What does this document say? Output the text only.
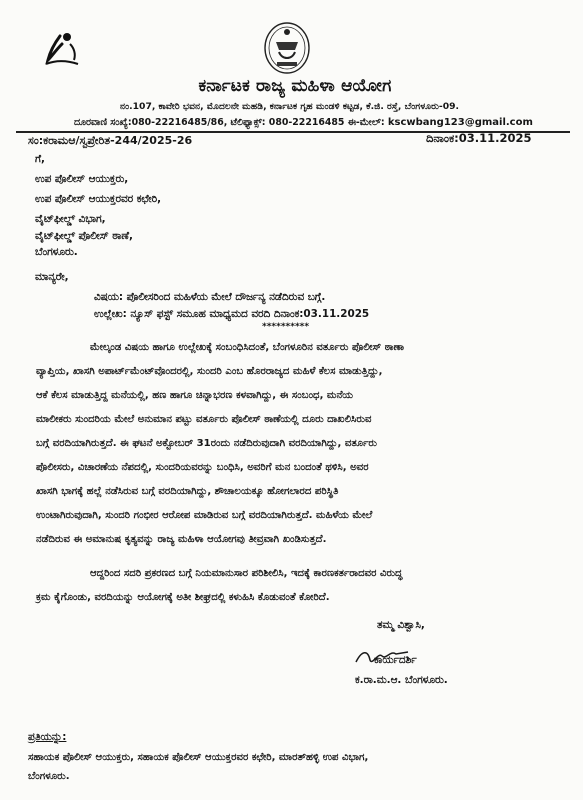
ಕರ್ನಾಟಕ ರಾಜ್ಯ ಮಹಿಳಾ ಆಯೋಗ
ನಂ.107, ಕಾವೇರಿ ಭವನ, ಮೊದಲನೇ ಮಹಡಿ, ಕರ್ನಾಟಕ ಗೃಹ ಮಂಡಳಿ ಕಟ್ಟಡ, ಕೆ.ಜಿ. ರಸ್ತೆ, ಬೆಂಗಳೂರು-09.
ದೂರವಾಣಿ ಸಂಖ್ಯೆ:080-22216485/86, ಟೆಲಿಫ್ಯಾಕ್ಸ್: 080-22216485 ಈ-ಮೇಲ್: kscwbang123@gmail.com
ಸಂ:ಕರಾಮಆ/ಸ್ವಪ್ರೇರಿತ-244/2025-26	ದಿನಾಂಕ:03.11.2025
ಗೆ,
ಉಪ ಪೊಲೀಸ್ ಆಯುಕ್ತರು,
ಉಪ ಪೊಲೀಸ್ ಆಯುಕ್ತರವರ ಕಛೇರಿ,
ವೈಟ್‌ಫೀಲ್ಡ್ ವಿಭಾಗ,
ವೈಟ್‌ಫೀಲ್ಡ್ ಪೊಲೀಸ್ ಠಾಣೆ,
ಬೆಂಗಳೂರು.
ಮಾನ್ಯರೇ,
ವಿಷಯ: ಪೊಲೀಸರಿಂದ ಮಹಿಳೆಯ ಮೇಲೆ ದೌರ್ಜನ್ಯ ನಡೆದಿರುವ ಬಗ್ಗೆ.
ಉಲ್ಲೇಖ: ನ್ಯೂಸ್ ಫಸ್ಟ್ ಸಮೂಹ ಮಾಧ್ಯಮದ ವರದಿ ದಿನಾಂಕ:03.11.2025
**********
ಮೇಲ್ಕಂಡ ವಿಷಯ ಹಾಗೂ ಉಲ್ಲೇಖಕ್ಕೆ ಸಂಬಂಧಿಸಿದಂತೆ, ಬೆಂಗಳೂರಿನ ವರ್ತೂರು ಪೊಲೀಸ್ ಠಾಣಾ
ವ್ಯಾಪ್ತಿಯ, ಖಾಸಗಿ ಅಪಾರ್ಟ್‌ಮೆಂಟ್‌ವೊಂದರಲ್ಲಿ, ಸುಂದರಿ ಎಂಬ ಹೊರರಾಜ್ಯದ ಮಹಿಳೆ ಕೆಲಸ ಮಾಡುತ್ತಿದ್ದು,
ಆಕೆ ಕೆಲಸ ಮಾಡುತ್ತಿದ್ದ ಮನೆಯಲ್ಲಿ, ಹಣ ಹಾಗೂ ಚಿನ್ನಾಭರಣ ಕಳವಾಗಿದ್ದು, ಈ ಸಂಬಂಧ, ಮನೆಯ
ಮಾಲೀಕರು ಸುಂದರಿಯ ಮೇಲೆ ಅನುಮಾನ ಪಟ್ಟು ವರ್ತೂರು ಪೊಲೀಸ್ ಠಾಣೆಯಲ್ಲಿ ದೂರು ದಾಖಲಿಸಿರುವ
ಬಗ್ಗೆ ವರದಿಯಾಗಿರುತ್ತದೆ. ಈ ಘಟನೆ ಅಕ್ಟೋಬರ್ 31ರಂದು ನಡೆದಿರುವುದಾಗಿ ವರದಿಯಾಗಿದ್ದು, ವರ್ತೂರು
ಪೊಲೀಸರು, ವಿಚಾರಣೆಯ ನೆಪದಲ್ಲಿ, ಸುಂದರಿಯವರನ್ನು ಬಂಧಿಸಿ, ಅವರಿಗೆ ಮನ ಬಂದಂತೆ ಥಳಿಸಿ, ಅವರ
ಖಾಸಗಿ ಭಾಗಕ್ಕೆ ಹಲ್ಲೆ ನಡೆಸಿರುವ ಬಗ್ಗೆ ವರದಿಯಾಗಿದ್ದು, ಶೌಚಾಲಯಕ್ಕೂ ಹೋಗಲಾರದ ಪರಿಸ್ಥಿತಿ
ಉಂಟಾಗಿರುವುದಾಗಿ, ಸುಂದರಿ ಗಂಭೀರ ಆರೋಪ ಮಾಡಿರುವ ಬಗ್ಗೆ ವರದಿಯಾಗಿರುತ್ತದೆ. ಮಹಿಳೆಯ ಮೇಲೆ
ನಡೆದಿರುವ ಈ ಅಮಾನುಷ ಕೃತ್ಯವನ್ನು ರಾಜ್ಯ ಮಹಿಳಾ ಆಯೋಗವು ತೀವ್ರವಾಗಿ ಖಂಡಿಸುತ್ತದೆ.
ಆದ್ದರಿಂದ ಸದರಿ ಪ್ರಕರಣದ ಬಗ್ಗೆ ನಿಯಮಾನುಸಾರ ಪರಿಶೀಲಿಸಿ, ಇದಕ್ಕೆ ಕಾರಣಕರ್ತರಾದವರ ವಿರುದ್ಧ
ಕ್ರಮ ಕೈಗೊಂಡು, ವರದಿಯನ್ನು ಆಯೋಗಕ್ಕೆ ಅತೀ ಶೀಘ್ರದಲ್ಲಿ ಕಳುಹಿಸಿ ಕೊಡುವಂತೆ ಕೋರಿದೆ.
ತಮ್ಮ ವಿಶ್ವಾಸಿ,
ಕಾರ್ಯದರ್ಶಿ
ಕ.ರಾ.ಮ.ಆ. ಬೆಂಗಳೂರು.
ಪ್ರತಿಯನ್ನು:
ಸಹಾಯಕ ಪೊಲೀಸ್ ಆಯುಕ್ತರು, ಸಹಾಯಕ ಪೊಲೀಸ್ ಆಯುಕ್ತರವರ ಕಛೇರಿ, ಮಾರತ್‌ಹಳ್ಳಿ ಉಪ ವಿಭಾಗ,
ಬೆಂಗಳೂರು.
